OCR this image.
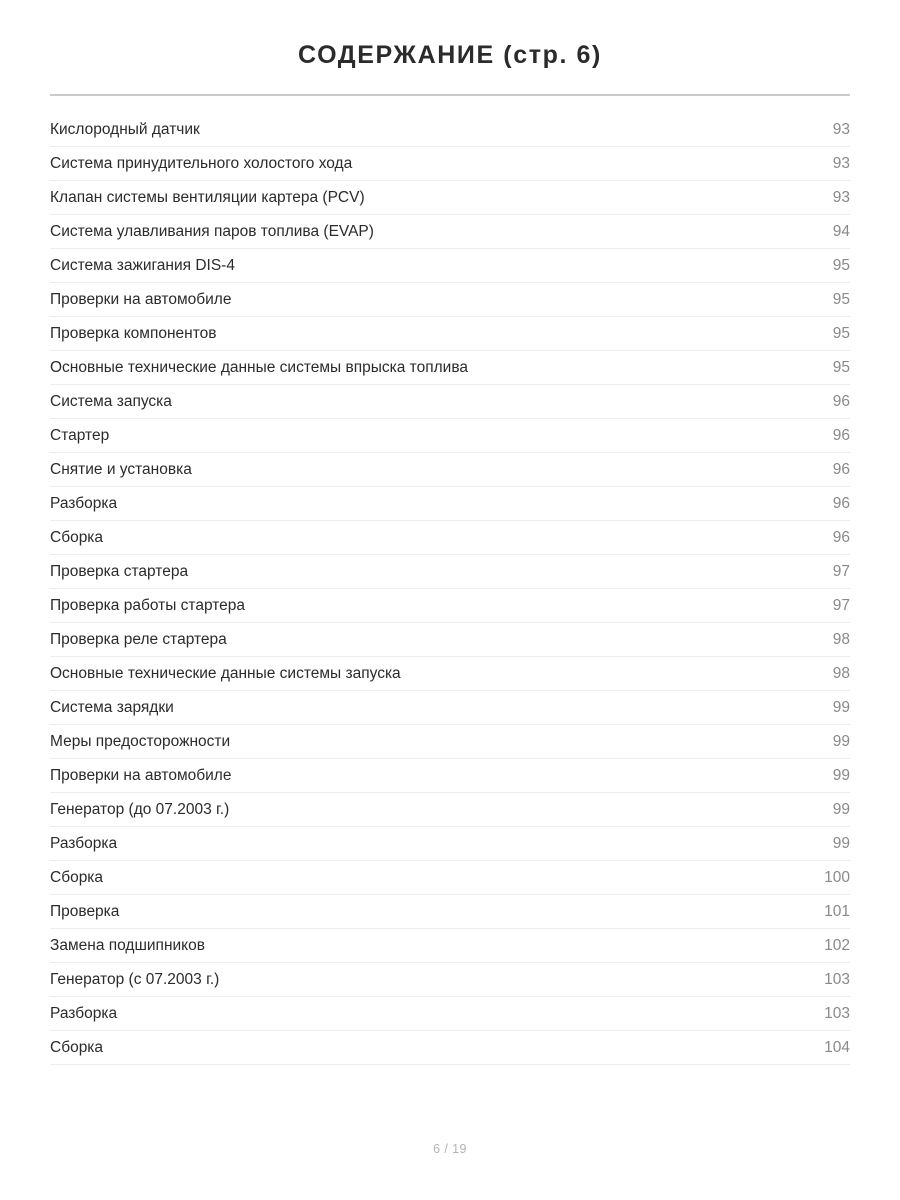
СОДЕРЖАНИЕ (стр. 6)
Кислородный датчик	93
Система принудительного холостого хода	93
Клапан системы вентиляции картера (PCV)	93
Система улавливания паров топлива (EVAP)	94
Система зажигания DIS-4	95
Проверки на автомобиле	95
Проверка компонентов	95
Основные технические данные системы впрыска топлива	95
Система запуска	96
Стартер	96
Снятие и установка	96
Разборка	96
Сборка	96
Проверка стартера	97
Проверка работы стартера	97
Проверка реле стартера	98
Основные технические данные системы запуска	98
Система зарядки	99
Меры предосторожности	99
Проверки на автомобиле	99
Генератор (до 07.2003 г.)	99
Разборка	99
Сборка	100
Проверка	101
Замена подшипников	102
Генератор (с 07.2003 г.)	103
Разборка	103
Сборка	104
6 / 19
